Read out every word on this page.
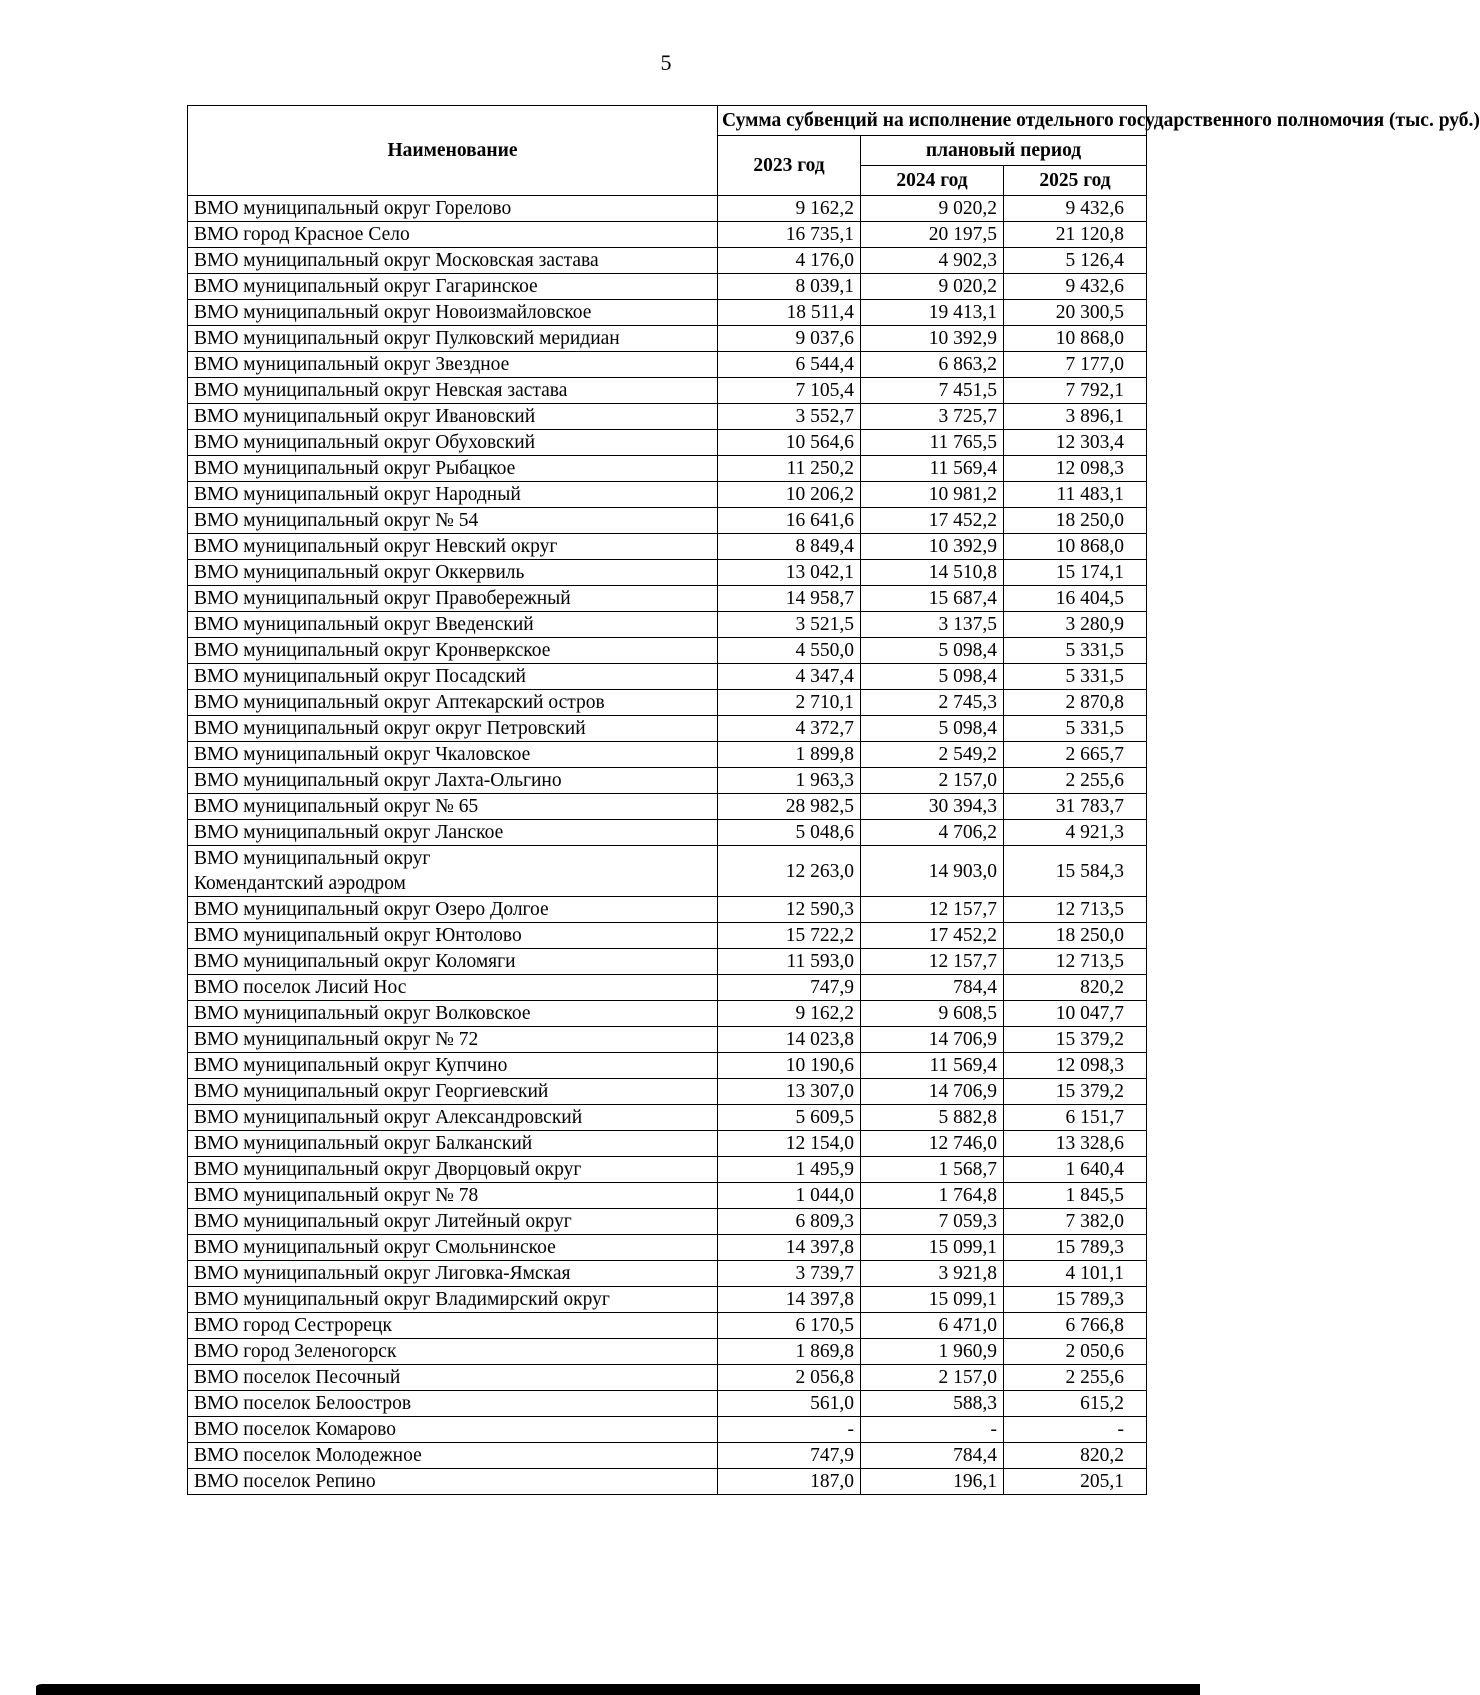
5
Наименование	Сумма субвенций на исполнение отдельного государственного полномочия (тыс. руб.)		
	2023 год	плановый период	
		2024 год	2025 год
ВМО муниципальный округ Горелово	9 162,2	9 020,2	9 432,6
ВМО город Красное Село	16 735,1	20 197,5	21 120,8
ВМО муниципальный округ Московская застава	4 176,0	4 902,3	5 126,4
ВМО муниципальный округ Гагаринское	8 039,1	9 020,2	9 432,6
ВМО муниципальный округ Новоизмайловское	18 511,4	19 413,1	20 300,5
ВМО муниципальный округ Пулковский меридиан	9 037,6	10 392,9	10 868,0
ВМО муниципальный округ Звездное	6 544,4	6 863,2	7 177,0
ВМО муниципальный округ Невская застава	7 105,4	7 451,5	7 792,1
ВМО муниципальный округ Ивановский	3 552,7	3 725,7	3 896,1
ВМО муниципальный округ Обуховский	10 564,6	11 765,5	12 303,4
ВМО муниципальный округ Рыбацкое	11 250,2	11 569,4	12 098,3
ВМО муниципальный округ Народный	10 206,2	10 981,2	11 483,1
ВМО муниципальный округ № 54	16 641,6	17 452,2	18 250,0
ВМО муниципальный округ Невский округ	8 849,4	10 392,9	10 868,0
ВМО муниципальный округ Оккервиль	13 042,1	14 510,8	15 174,1
ВМО муниципальный округ Правобережный	14 958,7	15 687,4	16 404,5
ВМО муниципальный округ Введенский	3 521,5	3 137,5	3 280,9
ВМО муниципальный округ Кронверкское	4 550,0	5 098,4	5 331,5
ВМО муниципальный округ Посадский	4 347,4	5 098,4	5 331,5
ВМО муниципальный округ Аптекарский остров	2 710,1	2 745,3	2 870,8
ВМО муниципальный округ округ Петровский	4 372,7	5 098,4	5 331,5
ВМО муниципальный округ Чкаловское	1 899,8	2 549,2	2 665,7
ВМО муниципальный округ Лахта-Ольгино	1 963,3	2 157,0	2 255,6
ВМО муниципальный округ № 65	28 982,5	30 394,3	31 783,7
ВМО муниципальный округ Ланское	5 048,6	4 706,2	4 921,3
ВМО муниципальный округ
Комендантский аэродром	12 263,0	14 903,0	15 584,3
ВМО муниципальный округ Озеро Долгое	12 590,3	12 157,7	12 713,5
ВМО муниципальный округ Юнтолово	15 722,2	17 452,2	18 250,0
ВМО муниципальный округ Коломяги	11 593,0	12 157,7	12 713,5
ВМО поселок Лисий Нос	747,9	784,4	820,2
ВМО муниципальный округ Волковское	9 162,2	9 608,5	10 047,7
ВМО муниципальный округ № 72	14 023,8	14 706,9	15 379,2
ВМО муниципальный округ Купчино	10 190,6	11 569,4	12 098,3
ВМО муниципальный округ Георгиевский	13 307,0	14 706,9	15 379,2
ВМО муниципальный округ Александровский	5 609,5	5 882,8	6 151,7
ВМО муниципальный округ Балканский	12 154,0	12 746,0	13 328,6
ВМО муниципальный округ Дворцовый округ	1 495,9	1 568,7	1 640,4
ВМО муниципальный округ № 78	1 044,0	1 764,8	1 845,5
ВМО муниципальный округ Литейный округ	6 809,3	7 059,3	7 382,0
ВМО муниципальный округ Смольнинское	14 397,8	15 099,1	15 789,3
ВМО муниципальный округ Лиговка-Ямская	3 739,7	3 921,8	4 101,1
ВМО муниципальный округ Владимирский округ	14 397,8	15 099,1	15 789,3
ВМО город Сестрорецк	6 170,5	6 471,0	6 766,8
ВМО город Зеленогорск	1 869,8	1 960,9	2 050,6
ВМО поселок Песочный	2 056,8	2 157,0	2 255,6
ВМО поселок Белоостров	561,0	588,3	615,2
ВМО поселок Комарово	-	-	-
ВМО поселок Молодежное	747,9	784,4	820,2
ВМО поселок Репино	187,0	196,1	205,1
